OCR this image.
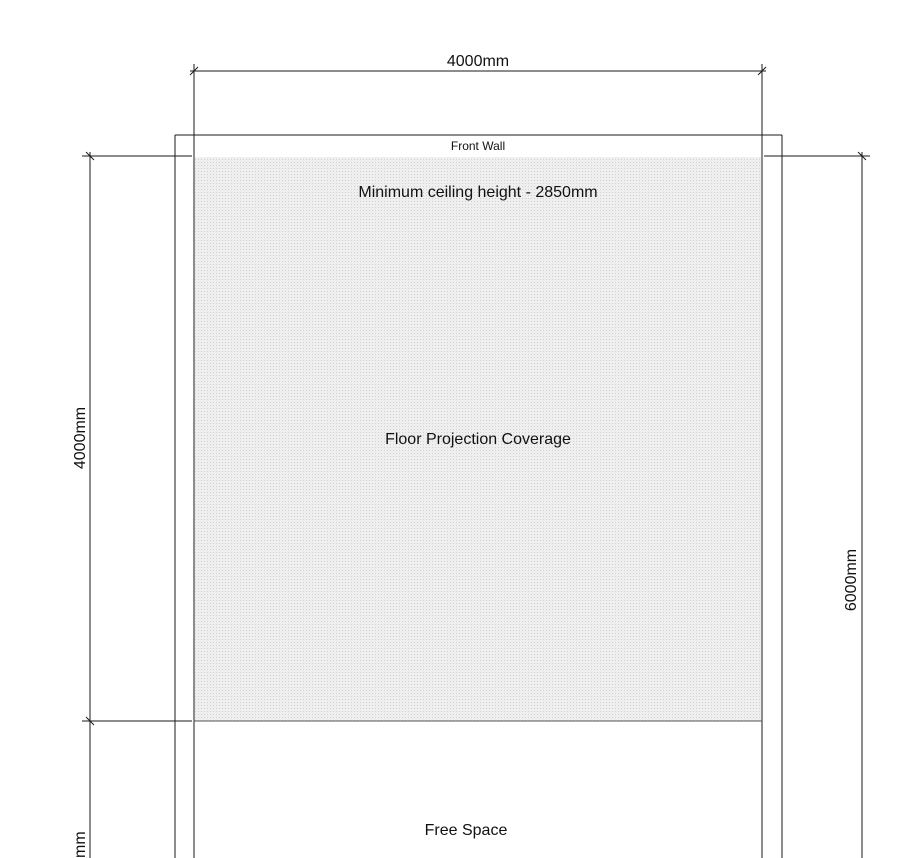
4000mm
Front Wall
Minimum ceiling height - 2850mm
Floor Projection Coverage
Free Space
4000mm
6000mm
mm
